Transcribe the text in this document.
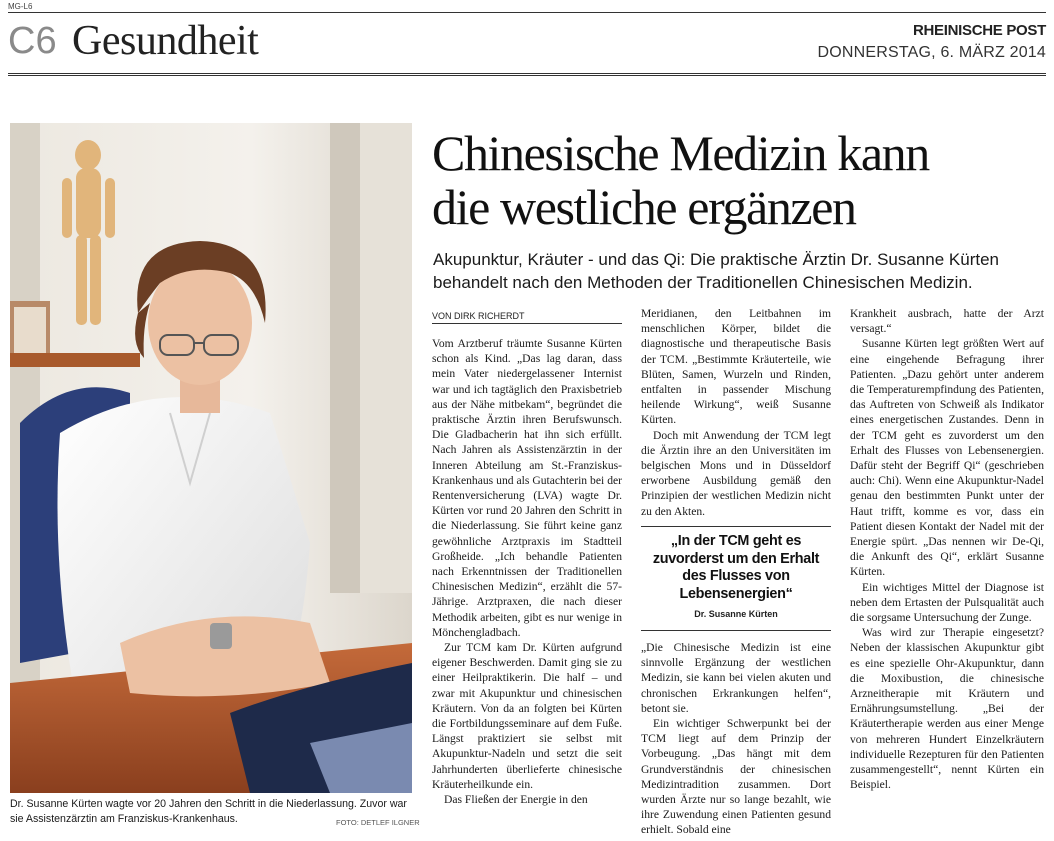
MG-L6
C6 Gesundheit	RHEINISCHE POST
DONNERSTAG, 6. MÄRZ 2014
Dr. Susanne Kürten wagte vor 20 Jahren den Schritt in die Niederlassung. Zuvor war sie Assistenzärztin am Franziskus-Krankenhaus.	FOTO: DETLEF ILGNER
Chinesische Medizin kann
die westliche ergänzen
Akupunktur, Kräuter - und das Qi: Die praktische Ärztin Dr. Susanne Kürten
behandelt nach den Methoden der Traditionellen Chinesischen Medizin.
VON DIRK RICHERDT

Vom Arztberuf träumte Susanne Kürten schon als Kind. „Das lag daran, dass mein Vater niedergelassener Internist war und ich tagtäglich den Praxisbetrieb aus der Nähe mitbekam“, begründet die praktische Ärztin ihren Berufswunsch. Die Gladbacherin hat ihn sich erfüllt. Nach Jahren als Assistenzärztin in der Inneren Abteilung am St.-Franziskus-Krankenhaus und als Gutachterin bei der Rentenversicherung (LVA) wagte Dr. Kürten vor rund 20 Jahren den Schritt in die Niederlassung. Sie führt keine ganz gewöhnliche Arztpraxis im Stadtteil Großheide. „Ich behandle Patienten nach Erkenntnissen der Traditionellen Chinesischen Medizin“, erzählt die 57-Jährige. Arztpraxen, die nach dieser Methodik arbeiten, gibt es nur wenige in Mönchengladbach.

Zur TCM kam Dr. Kürten aufgrund eigener Beschwerden. Damit ging sie zu einer Heilpraktikerin. Die half – und zwar mit Akupunktur und chinesischen Kräutern. Von da an folgten bei Kürten die Fortbildungsseminare auf dem Fuße. Längst praktiziert sie selbst mit Akupunktur-Nadeln und setzt die seit Jahrhunderten überlieferte chinesische Kräuterheilkunde ein.

Das Fließen der Energie in den

Meridianen, den Leitbahnen im menschlichen Körper, bildet die diagnostische und therapeutische Basis der TCM. „Bestimmte Kräuterteile, wie Blüten, Samen, Wurzeln und Rinden, entfalten in passender Mischung heilende Wirkung“, weiß Susanne Kürten.

Doch mit Anwendung der TCM legt die Ärztin ihre an den Universitäten im belgischen Mons und in Düsseldorf erworbene Ausbildung gemäß den Prinzipien der westlichen Medizin nicht zu den Akten.

„In der TCM geht es zuvorderst um den Erhalt des Flusses von Lebensenergien“
Dr. Susanne Kürten

„Die Chinesische Medizin ist eine sinnvolle Ergänzung der westlichen Medizin, sie kann bei vielen akuten und chronischen Erkrankungen helfen“, betont sie.

Ein wichtiger Schwerpunkt bei der TCM liegt auf dem Prinzip der Vorbeugung. „Das hängt mit dem Grundverständnis der chinesischen Medizintradition zusammen. Dort wurden Ärzte nur so lange bezahlt, wie ihre Zuwendung einen Patienten gesund erhielt. Sobald eine

Krankheit ausbrach, hatte der Arzt versagt.“

Susanne Kürten legt größten Wert auf eine eingehende Befragung ihrer Patienten. „Dazu gehört unter anderem die Temperaturempfindung des Patienten, das Auftreten von Schweiß als Indikator eines energetischen Zustandes. Denn in der TCM geht es zuvorderst um den Erhalt des Flusses von Lebensenergien. Dafür steht der Begriff Qi“ (geschrieben auch: Chi). Wenn eine Akupunktur-Nadel genau den bestimmten Punkt unter der Haut trifft, komme es vor, dass ein Patient diesen Kontakt der Nadel mit der Energie spürt. „Das nennen wir De-Qi, die Ankunft des Qi“, erklärt Susanne Kürten.

Ein wichtiges Mittel der Diagnose ist neben dem Ertasten der Pulsqualität auch die sorgsame Untersuchung der Zunge.

Was wird zur Therapie eingesetzt? Neben der klassischen Akupunktur gibt es eine spezielle Ohr-Akupunktur, dann die Moxibustion, die chinesische Arzneitherapie mit Kräutern und Ernährungsumstellung. „Bei der Kräutertherapie werden aus einer Menge von mehreren Hundert Einzelkräutern individuelle Rezepturen für den Patienten zusammengestellt“, nennt Kürten ein Beispiel.
